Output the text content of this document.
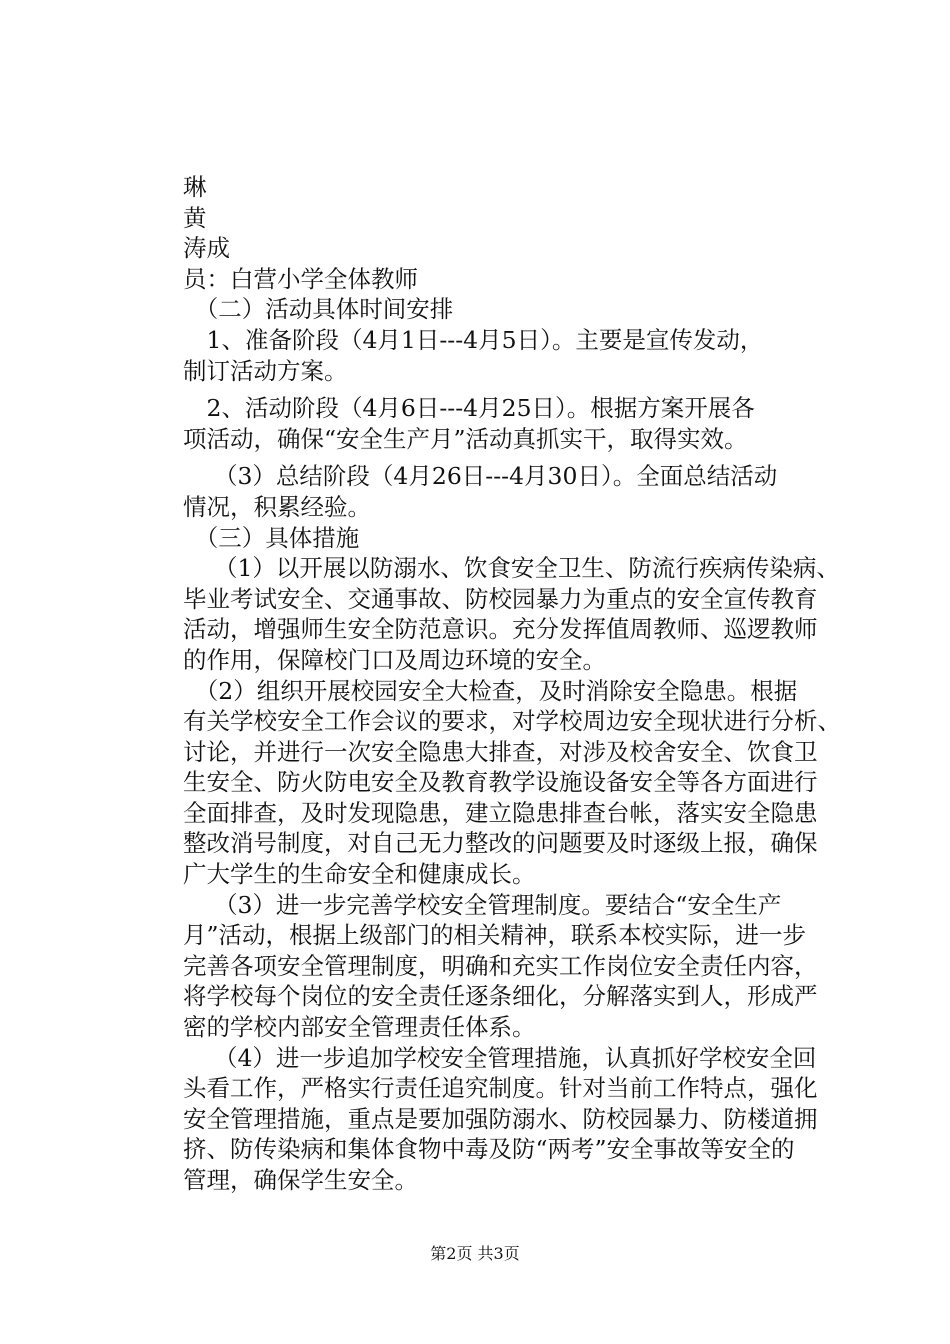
琳
黄
涛成
员：白营小学全体教师
　（二）活动具体时间安排
　1、准备阶段（4月1日---4月5日）。主要是宣传发动，
制订活动方案。
　2、活动阶段（4月6日---4月25日）。根据方案开展各
项活动，确保“安全生产月”活动真抓实干，取得实效。
　 （3）总结阶段（4月26日---4月30日）。全面总结活动
情况，积累经验。
　（三）具体措施
　 （1）以开展以防溺水、饮食安全卫生、防流行疾病传染病、
毕业考试安全、交通事故、防校园暴力为重点的安全宣传教育
活动，增强师生安全防范意识。充分发挥值周教师、巡逻教师
的作用，保障校门口及周边环境的安全。
　（2）组织开展校园安全大检查，及时消除安全隐患。根据
有关学校安全工作会议的要求，对学校周边安全现状进行分析、
讨论，并进行一次安全隐患大排查，对涉及校舍安全、饮食卫
生安全、防火防电安全及教育教学设施设备安全等各方面进行
全面排查，及时发现隐患，建立隐患排查台帐，落实安全隐患
整改消号制度，对自己无力整改的问题要及时逐级上报，确保
广大学生的生命安全和健康成长。
　 （3）进一步完善学校安全管理制度。要结合“安全生产
月”活动，根据上级部门的相关精神，联系本校实际，进一步
完善各项安全管理制度，明确和充实工作岗位安全责任内容，
将学校每个岗位的安全责任逐条细化，分解落实到人，形成严
密的学校内部安全管理责任体系。
　 （4）进一步追加学校安全管理措施，认真抓好学校安全回
头看工作，严格实行责任追究制度。针对当前工作特点，强化
安全管理措施，重点是要加强防溺水、防校园暴力、防楼道拥
挤、防传染病和集体食物中毒及防“两考”安全事故等安全的
管理，确保学生安全。
第2页 共3页
